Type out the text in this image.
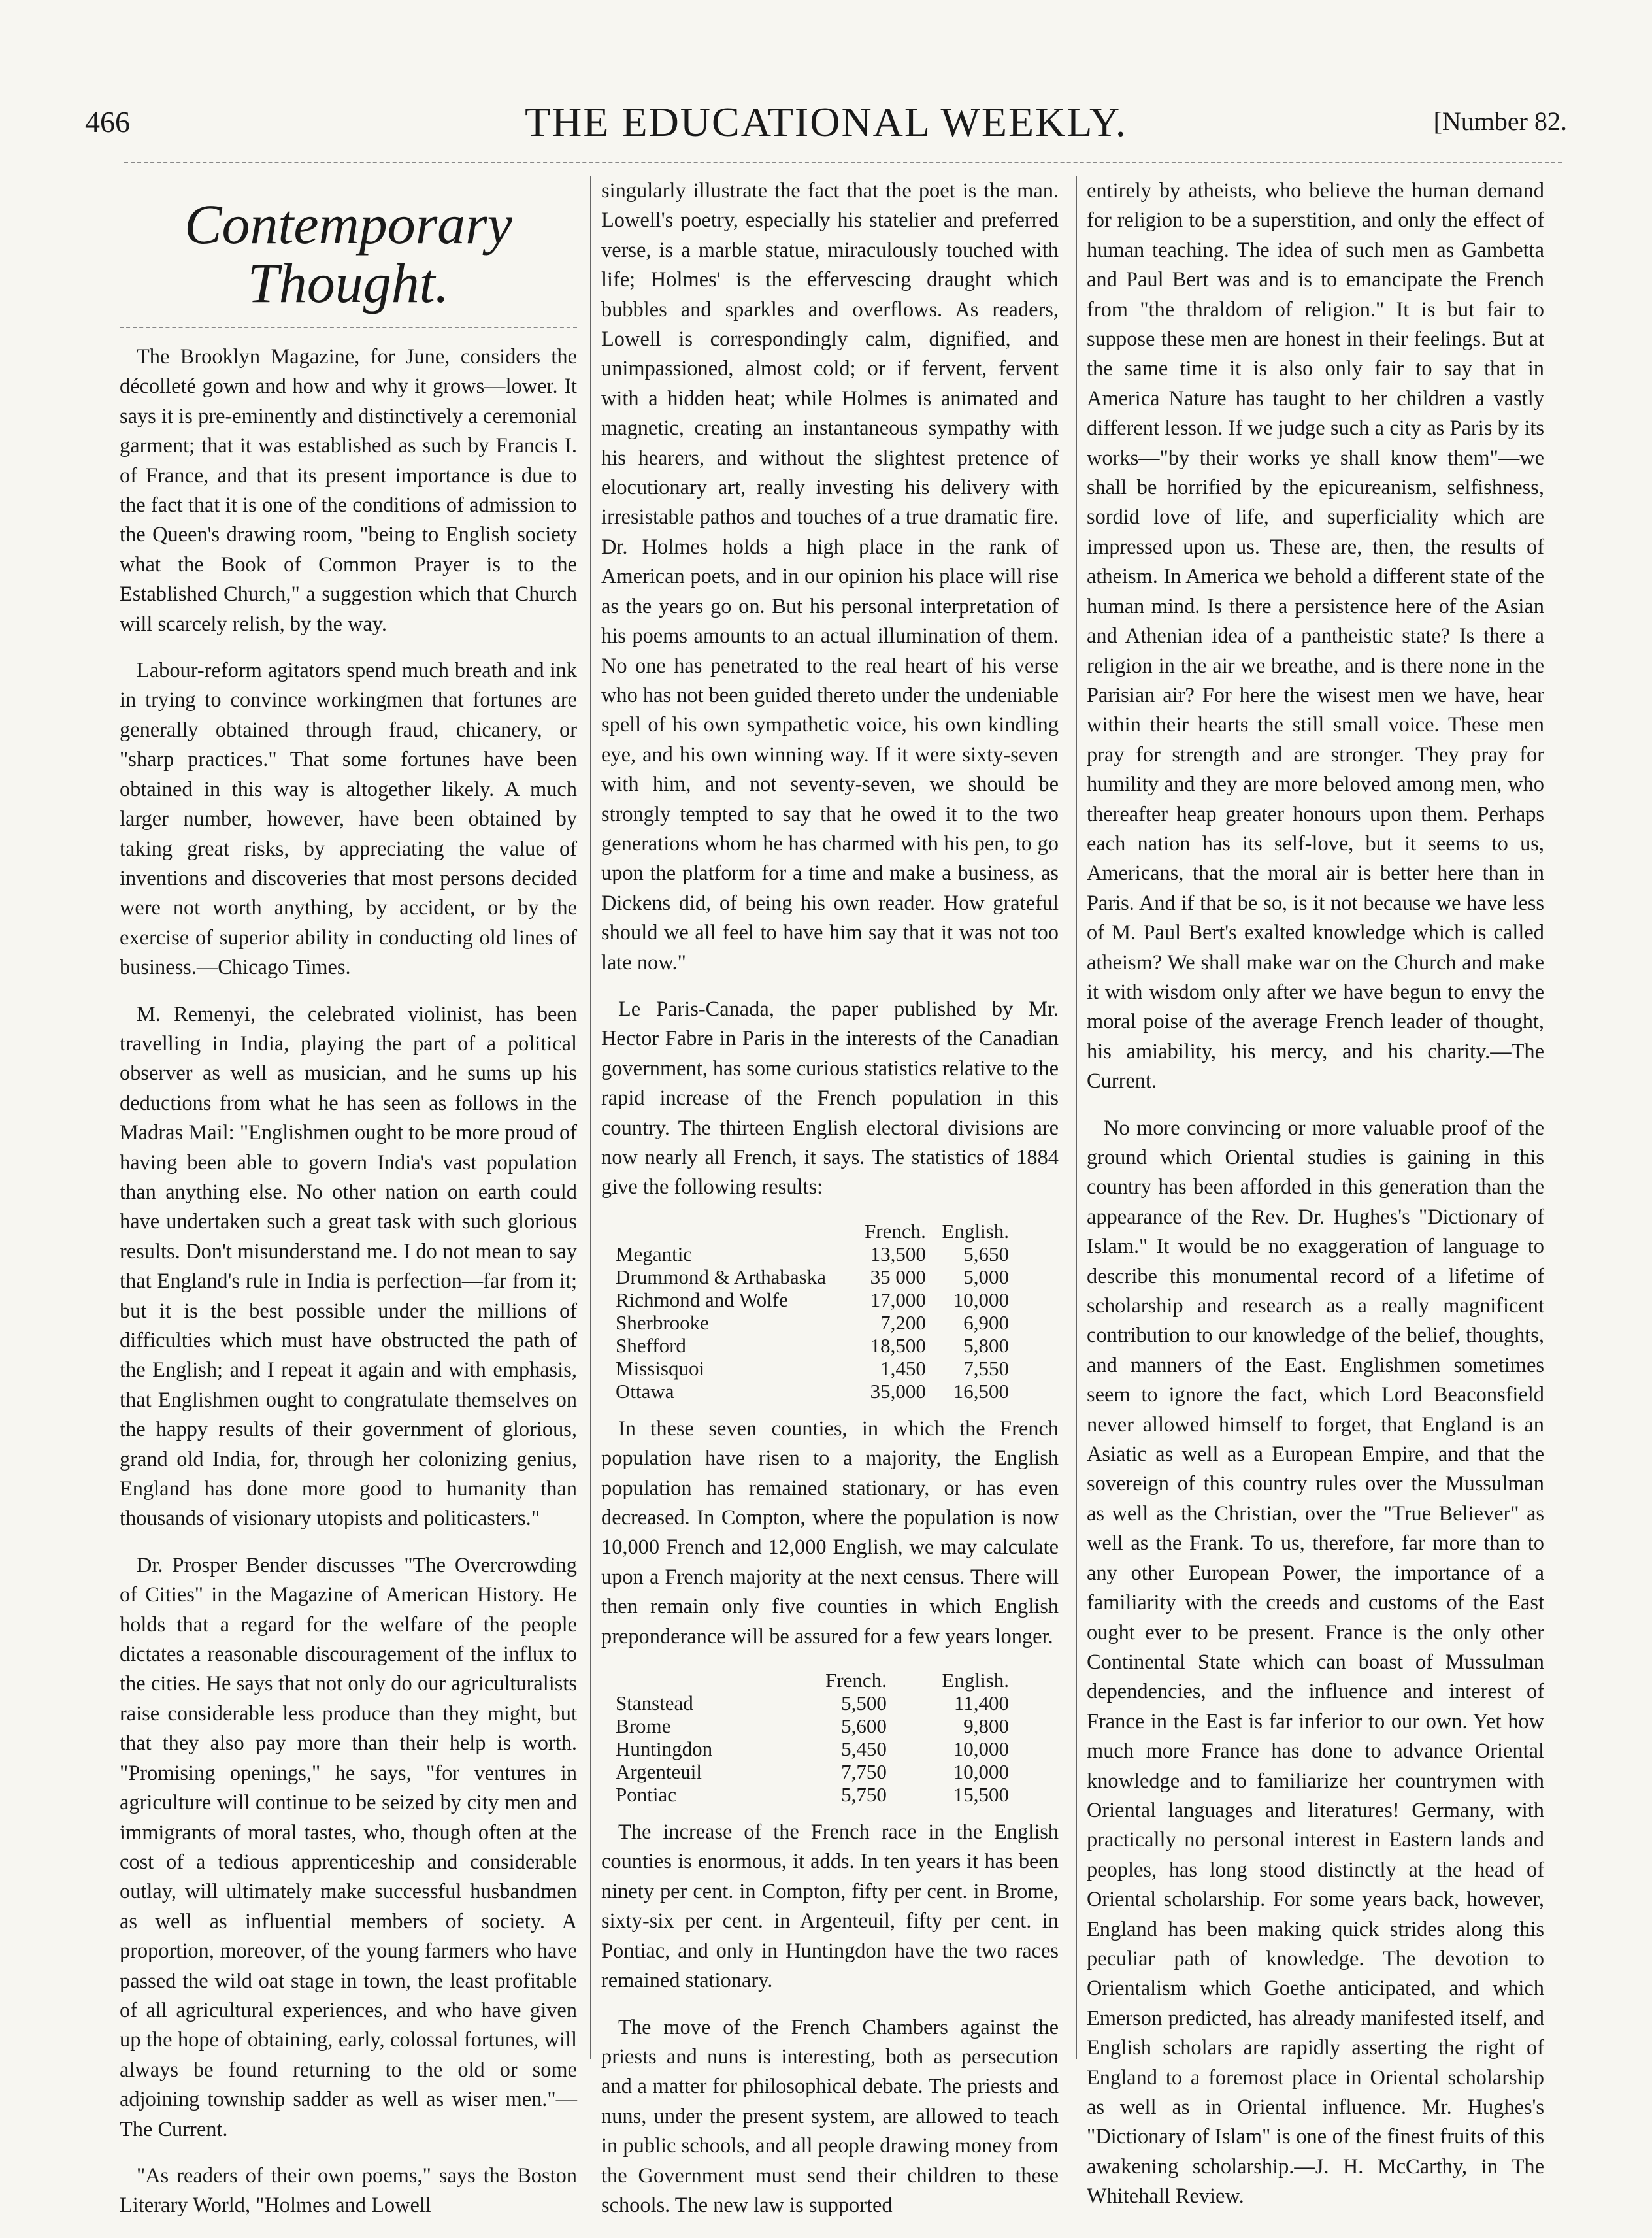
466	THE EDUCATIONAL WEEKLY.	[Number 82.
Contemporary Thought.

The Brooklyn Magazine, for June, considers the décolleté gown and how and why it grows—lower. It says it is pre-eminently and distinctively a ceremonial garment; that it was established as such by Francis I. of France, and that its present importance is due to the fact that it is one of the conditions of admission to the Queen's drawing room, "being to English society what the Book of Common Prayer is to the Established Church," a suggestion which that Church will scarcely relish, by the way.

Labour-reform agitators spend much breath and ink in trying to convince workingmen that fortunes are generally obtained through fraud, chicanery, or "sharp practices." That some fortunes have been obtained in this way is altogether likely. A much larger number, however, have been obtained by taking great risks, by appreciating the value of inventions and discoveries that most persons decided were not worth anything, by accident, or by the exercise of superior ability in conducting old lines of business.—Chicago Times.

M. Remenyi, the celebrated violinist, has been travelling in India, playing the part of a political observer as well as musician, and he sums up his deductions from what he has seen as follows in the Madras Mail: "Englishmen ought to be more proud of having been able to govern India's vast population than anything else. No other nation on earth could have undertaken such a great task with such glorious results. Don't misunderstand me. I do not mean to say that England's rule in India is perfection—far from it; but it is the best possible under the millions of difficulties which must have obstructed the path of the English; and I repeat it again and with emphasis, that Englishmen ought to congratulate themselves on the happy results of their government of glorious, grand old India, for, through her colonizing genius, England has done more good to humanity than thousands of visionary utopists and politicasters."

Dr. Prosper Bender discusses "The Overcrowding of Cities" in the Magazine of American History. He holds that a regard for the welfare of the people dictates a reasonable discouragement of the influx to the cities. He says that not only do our agriculturalists raise considerable less produce than they might, but that they also pay more than their help is worth. "Promising openings," he says, "for ventures in agriculture will continue to be seized by city men and immigrants of moral tastes, who, though often at the cost of a tedious apprenticeship and considerable outlay, will ultimately make successful husbandmen as well as influential members of society. A proportion, moreover, of the young farmers who have passed the wild oat stage in town, the least profitable of all agricultural experiences, and who have given up the hope of obtaining, early, colossal fortunes, will always be found returning to the old or some adjoining township sadder as well as wiser men."—The Current.

"As readers of their own poems," says the Boston Literary World, "Holmes and Lowell

singularly illustrate the fact that the poet is the man. Lowell's poetry, especially his statelier and preferred verse, is a marble statue, miraculously touched with life; Holmes' is the effervescing draught which bubbles and sparkles and overflows. As readers, Lowell is correspondingly calm, dignified, and unimpassioned, almost cold; or if fervent, fervent with a hidden heat; while Holmes is animated and magnetic, creating an instantaneous sympathy with his hearers, and without the slightest pretence of elocutionary art, really investing his delivery with irresistable pathos and touches of a true dramatic fire. Dr. Holmes holds a high place in the rank of American poets, and in our opinion his place will rise as the years go on. But his personal interpretation of his poems amounts to an actual illumination of them. No one has penetrated to the real heart of his verse who has not been guided thereto under the undeniable spell of his own sympathetic voice, his own kindling eye, and his own winning way. If it were sixty-seven with him, and not seventy-seven, we should be strongly tempted to say that he owed it to the two generations whom he has charmed with his pen, to go upon the platform for a time and make a business, as Dickens did, of being his own reader. How grateful should we all feel to have him say that it was not too late now."

Le Paris-Canada, the paper published by Mr. Hector Fabre in Paris in the interests of the Canadian government, has some curious statistics relative to the rapid increase of the French population in this country. The thirteen English electoral divisions are now nearly all French, it says. The statistics of 1884 give the following results:

	French.	English.
Megantic	13,500	5,650
Drummond & Arthabaska	35 000	5,000
Richmond and Wolfe	17,000	10,000
Sherbrooke	7,200	6,900
Shefford	18,500	5,800
Missisquoi	1,450	7,550
Ottawa	35,000	16,500

In these seven counties, in which the French population have risen to a majority, the English population has remained stationary, or has even decreased. In Compton, where the population is now 10,000 French and 12,000 English, we may calculate upon a French majority at the next census. There will then remain only five counties in which English preponderance will be assured for a few years longer.

	French.	English.
Stanstead	5,500	11,400
Brome	5,600	9,800
Huntingdon	5,450	10,000
Argenteuil	7,750	10,000
Pontiac	5,750	15,500

The increase of the French race in the English counties is enormous, it adds. In ten years it has been ninety per cent. in Compton, fifty per cent. in Brome, sixty-six per cent. in Argenteuil, fifty per cent. in Pontiac, and only in Huntingdon have the two races remained stationary.

The move of the French Chambers against the priests and nuns is interesting, both as persecution and a matter for philosophical debate. The priests and nuns, under the present system, are allowed to teach in public schools, and all people drawing money from the Government must send their children to these schools. The new law is supported

entirely by atheists, who believe the human demand for religion to be a superstition, and only the effect of human teaching. The idea of such men as Gambetta and Paul Bert was and is to emancipate the French from "the thraldom of religion." It is but fair to suppose these men are honest in their feelings. But at the same time it is also only fair to say that in America Nature has taught to her children a vastly different lesson. If we judge such a city as Paris by its works—"by their works ye shall know them"—we shall be horrified by the epicureanism, selfishness, sordid love of life, and superficiality which are impressed upon us. These are, then, the results of atheism. In America we behold a different state of the human mind. Is there a persistence here of the Asian and Athenian idea of a pantheistic state? Is there a religion in the air we breathe, and is there none in the Parisian air? For here the wisest men we have, hear within their hearts the still small voice. These men pray for strength and are stronger. They pray for humility and they are more beloved among men, who thereafter heap greater honours upon them. Perhaps each nation has its self-love, but it seems to us, Americans, that the moral air is better here than in Paris. And if that be so, is it not because we have less of M. Paul Bert's exalted knowledge which is called atheism? We shall make war on the Church and make it with wisdom only after we have begun to envy the moral poise of the average French leader of thought, his amiability, his mercy, and his charity.—The Current.

No more convincing or more valuable proof of the ground which Oriental studies is gaining in this country has been afforded in this generation than the appearance of the Rev. Dr. Hughes's "Dictionary of Islam." It would be no exaggeration of language to describe this monumental record of a lifetime of scholarship and research as a really magnificent contribution to our knowledge of the belief, thoughts, and manners of the East. Englishmen sometimes seem to ignore the fact, which Lord Beaconsfield never allowed himself to forget, that England is an Asiatic as well as a European Empire, and that the sovereign of this country rules over the Mussulman as well as the Christian, over the "True Believer" as well as the Frank. To us, therefore, far more than to any other European Power, the importance of a familiarity with the creeds and customs of the East ought ever to be present. France is the only other Continental State which can boast of Mussulman dependencies, and the influence and interest of France in the East is far inferior to our own. Yet how much more France has done to advance Oriental knowledge and to familiarize her countrymen with Oriental languages and literatures! Germany, with practically no personal interest in Eastern lands and peoples, has long stood distinctly at the head of Oriental scholarship. For some years back, however, England has been making quick strides along this peculiar path of knowledge. The devotion to Orientalism which Goethe anticipated, and which Emerson predicted, has already manifested itself, and English scholars are rapidly asserting the right of England to a foremost place in Oriental scholarship as well as in Oriental influence. Mr. Hughes's "Dictionary of Islam" is one of the finest fruits of this awakening scholarship.—J. H. McCarthy, in The Whitehall Review.
